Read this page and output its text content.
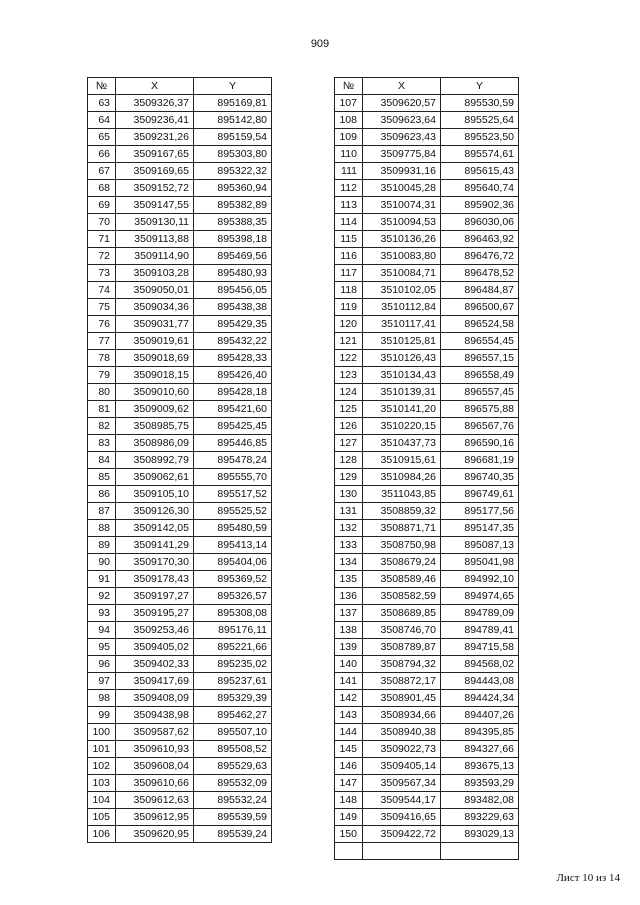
909
№	X	Y
63	3509326,37	895169,81
64	3509236,41	895142,80
65	3509231,26	895159,54
66	3509167,65	895303,80
67	3509169,65	895322,32
68	3509152,72	895360,94
69	3509147,55	895382,89
70	3509130,11	895388,35
71	3509113,88	895398,18
72	3509114,90	895469,56
73	3509103,28	895480,93
74	3509050,01	895456,05
75	3509034,36	895438,38
76	3509031,77	895429,35
77	3509019,61	895432,22
78	3509018,69	895428,33
79	3509018,15	895426,40
80	3509010,60	895428,18
81	3509009,62	895421,60
82	3508985,75	895425,45
83	3508986,09	895446,85
84	3508992,79	895478,24
85	3509062,61	895555,70
86	3509105,10	895517,52
87	3509126,30	895525,52
88	3509142,05	895480,59
89	3509141,29	895413,14
90	3509170,30	895404,06
91	3509178,43	895369,52
92	3509197,27	895326,57
93	3509195,27	895308,08
94	3509253,46	895176,11
95	3509405,02	895221,66
96	3509402,33	895235,02
97	3509417,69	895237,61
98	3509408,09	895329,39
99	3509438,98	895462,27
100	3509587,62	895507,10
101	3509610,93	895508,52
102	3509608,04	895529,63
103	3509610,66	895532,09
104	3509612,63	895532,24
105	3509612,95	895539,59
106	3509620,95	895539,24
№	X	Y
107	3509620,57	895530,59
108	3509623,64	895525,64
109	3509623,43	895523,50
110	3509775,84	895574,61
111	3509931,16	895615,43
112	3510045,28	895640,74
113	3510074,31	895902,36
114	3510094,53	896030,06
115	3510136,26	896463,92
116	3510083,80	896476,72
117	3510084,71	896478,52
118	3510102,05	896484,87
119	3510112,84	896500,67
120	3510117,41	896524,58
121	3510125,81	896554,45
122	3510126,43	896557,15
123	3510134,43	896558,49
124	3510139,31	896557,45
125	3510141,20	896575,88
126	3510220,15	896567,76
127	3510437,73	896590,16
128	3510915,61	896681,19
129	3510984,26	896740,35
130	3511043,85	896749,61
131	3508859,32	895177,56
132	3508871,71	895147,35
133	3508750,98	895087,13
134	3508679,24	895041,98
135	3508589,46	894992,10
136	3508582,59	894974,65
137	3508689,85	894789,09
138	3508746,70	894789,41
139	3508789,87	894715,58
140	3508794,32	894568,02
141	3508872,17	894443,08
142	3508901,45	894424,34
143	3508934,66	894407,26
144	3508940,38	894395,85
145	3509022,73	894327,66
146	3509405,14	893675,13
147	3509567,34	893593,29
148	3509544,17	893482,08
149	3509416,65	893229,63
150	3509422,72	893029,13

Лист 10 из 14
